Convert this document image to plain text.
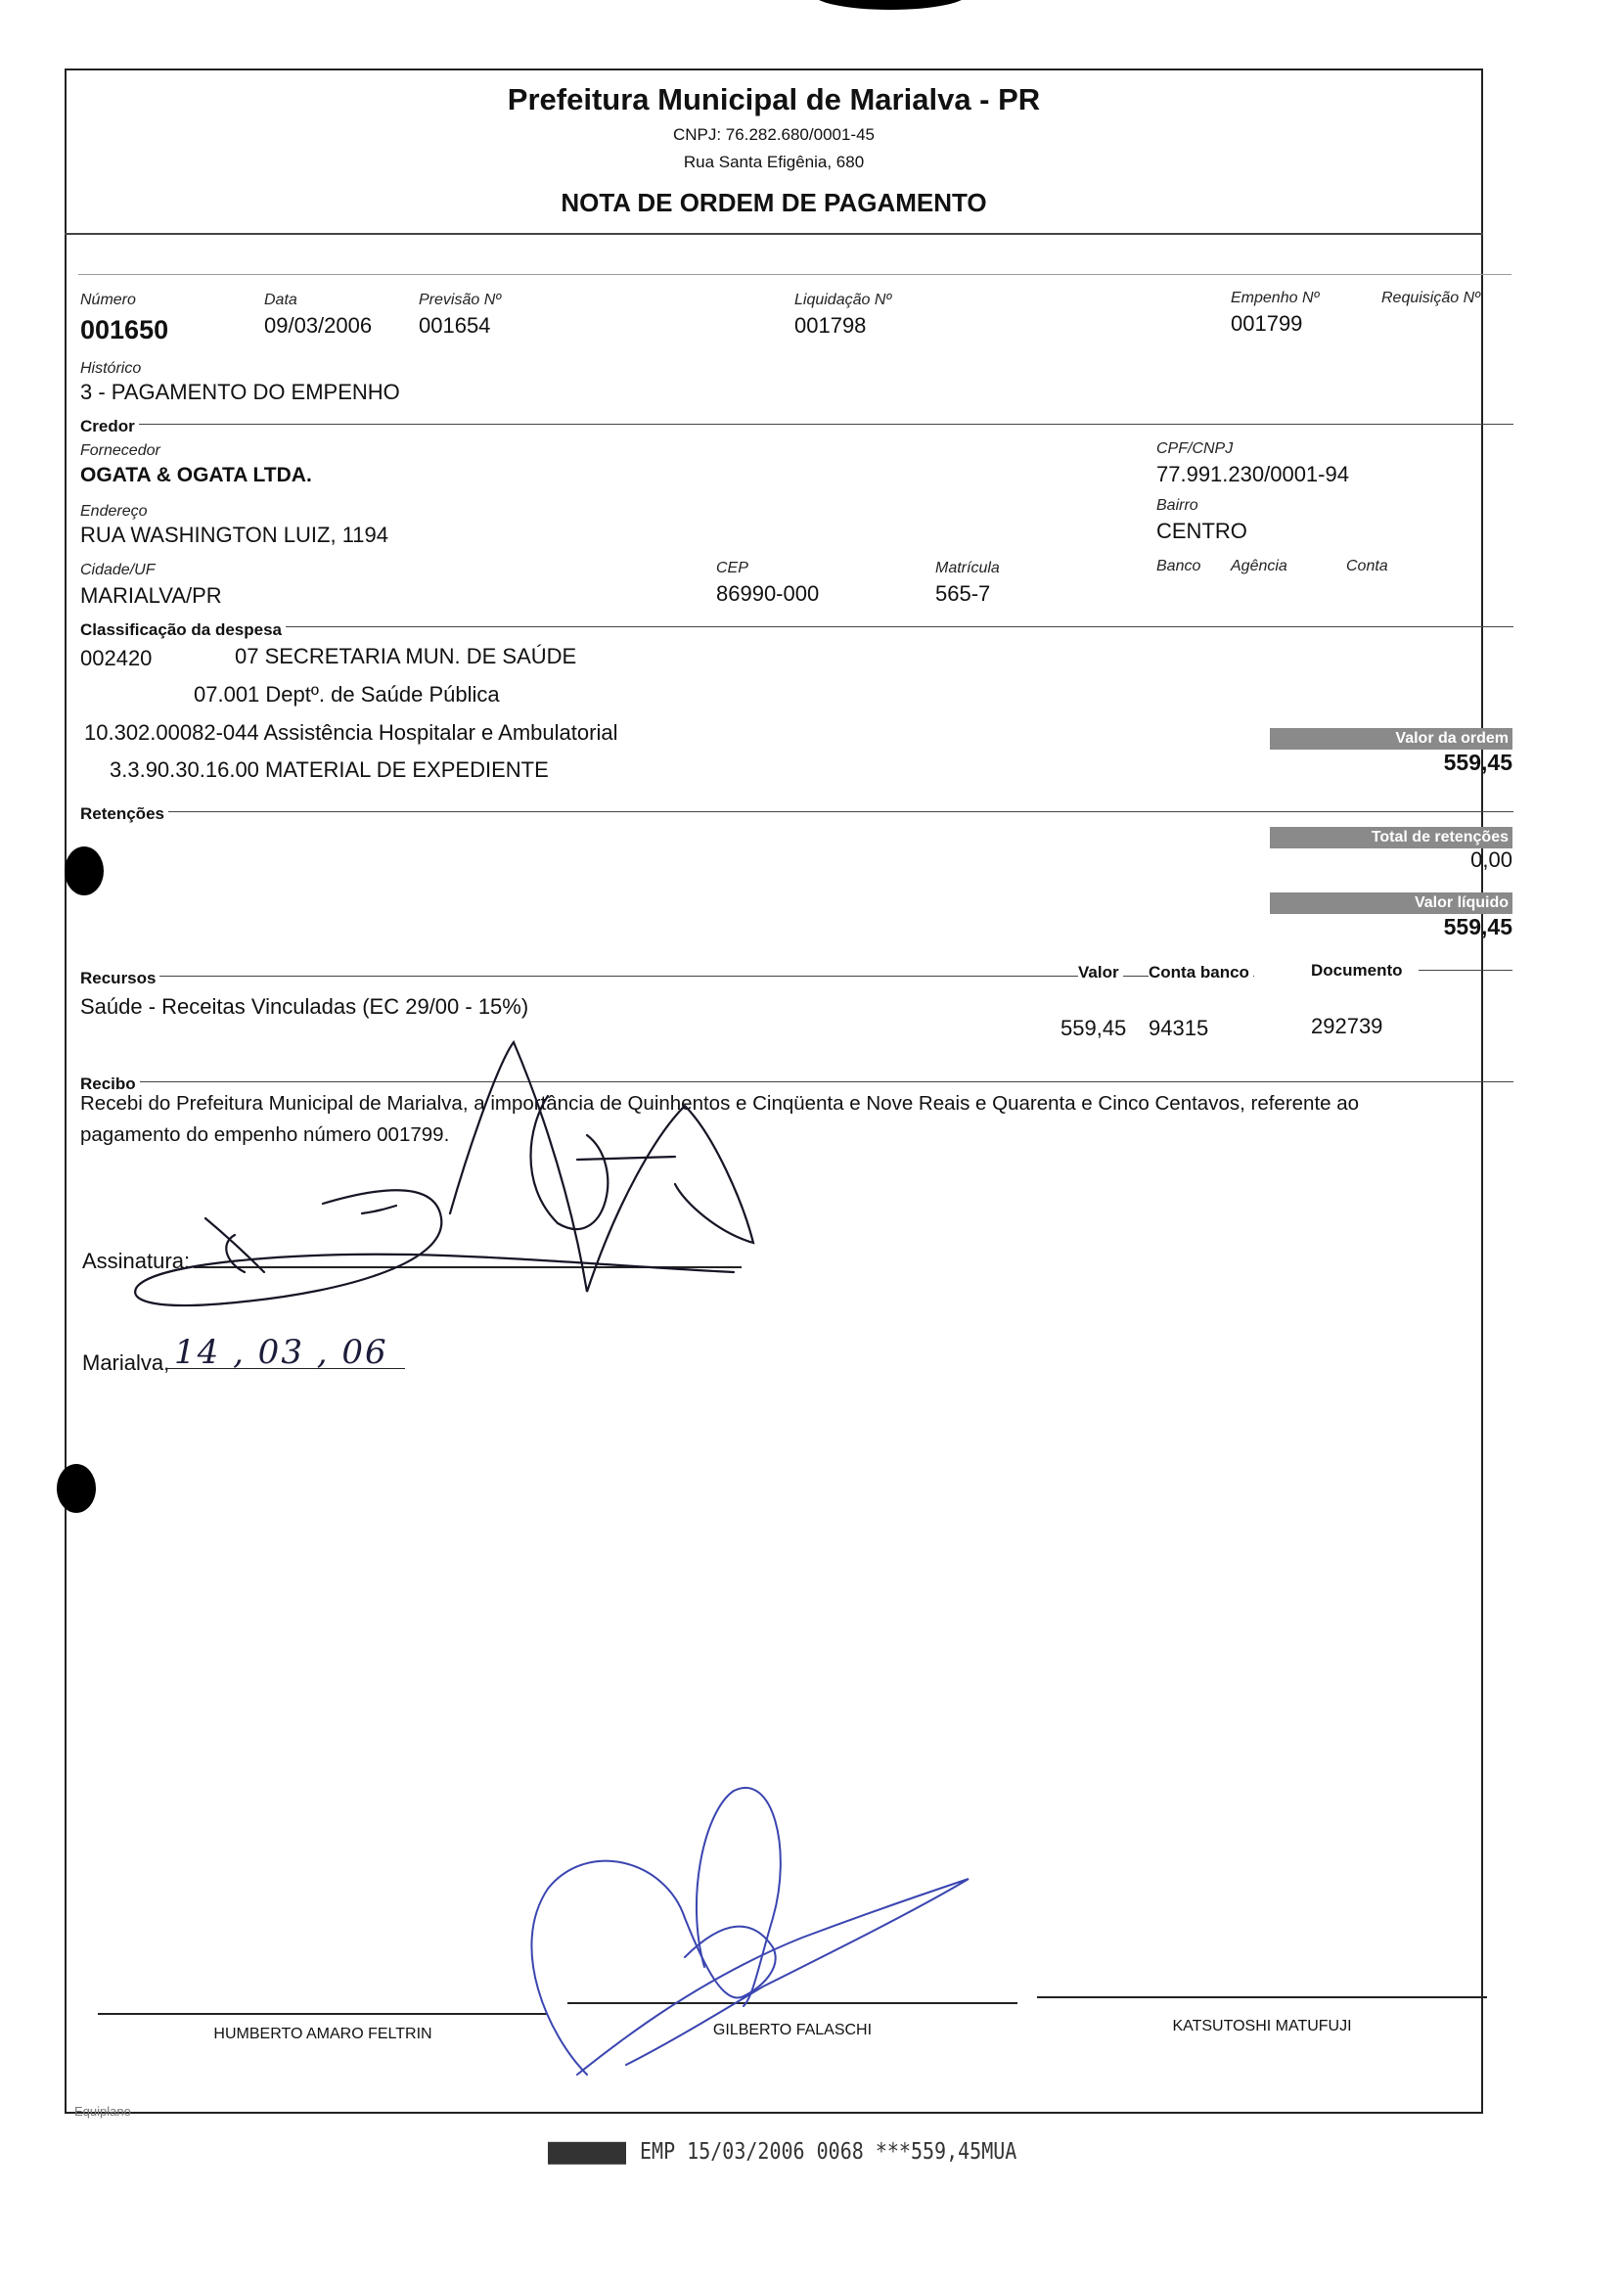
Prefeitura Municipal de Marialva - PR
CNPJ: 76.282.680/0001-45
Rua Santa Efigênia, 680
NOTA DE ORDEM DE PAGAMENTO
Número
001650
Data
09/03/2006
Previsão Nº
001654
Liquidação Nº
001798
Empenho Nº
001799
Requisição Nº
Histórico
3 - PAGAMENTO DO EMPENHO
Credor
Fornecedor
OGATA & OGATA LTDA.
CPF/CNPJ
77.991.230/0001-94
Endereço
RUA WASHINGTON LUIZ, 1194
Bairro
CENTRO
Cidade/UF
MARIALVA/PR
CEP
86990-000
Matrícula
565-7
Banco Agência	Conta
Classificação da despesa
002420	07 SECRETARIA MUN. DE SAÚDE
07.001 Deptº. de Saúde Pública
10.302.00082-044 Assistência Hospitalar e Ambulatorial
3.3.90.30.16.00 MATERIAL DE EXPEDIENTE
Valor da ordem
559,45
Retenções
Total de retenções
0,00
Valor líquido
559,45
Recursos	Valor Conta banco	Documento
Saúde - Receitas Vinculadas (EC 29/00 - 15%)
559,45 94315	292739
Recibo
Recebi do Prefeitura Municipal de Marialva, a importância de Quinhentos e Cinqüenta e Nove Reais e Quarenta e Cinco Centavos, referente ao
pagamento do empenho número 001799.
Assinatura:
Marialva, 14 , 03 , 06
HUMBERTO AMARO FELTRIN	GILBERTO FALASCHI	KATSUTOSHI MATUFUJI
Equiplano
EMP 15/03/2006 0068 ***559,45MUA
